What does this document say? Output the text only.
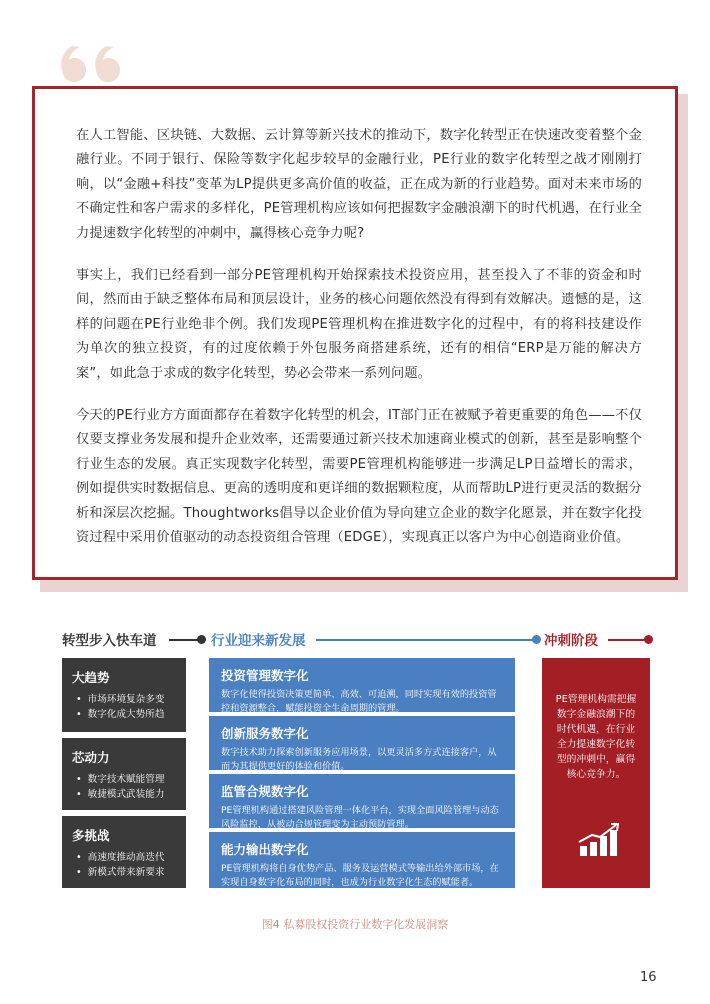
在人工智能、区块链、大数据、云计算等新兴技术的推动下，数字化转型正在快速改变着整个金融行业。不同于银行、保险等数字化起步较早的金融行业，PE行业的数字化转型之战才刚刚打响，以“金融+科技”变革为LP提供更多高价值的收益，正在成为新的行业趋势。面对未来市场的不确定性和客户需求的多样化，PE管理机构应该如何把握数字金融浪潮下的时代机遇，在行业全力提速数字化转型的冲刺中，赢得核心竞争力呢?

事实上，我们已经看到一部分PE管理机构开始探索技术投资应用，甚至投入了不菲的资金和时间，然而由于缺乏整体布局和顶层设计，业务的核心问题依然没有得到有效解决。遗憾的是，这样的问题在PE行业绝非个例。我们发现PE管理机构在推进数字化的过程中，有的将科技建设作为单次的独立投资，有的过度依赖于外包服务商搭建系统，还有的相信“ERP是万能的解决方案”，如此急于求成的数字化转型，势必会带来一系列问题。

今天的PE行业方方面面都存在着数字化转型的机会，IT部门正在被赋予着更重要的角色——不仅仅要支撑业务发展和提升企业效率，还需要通过新兴技术加速商业模式的创新，甚至是影响整个行业生态的发展。真正实现数字化转型，需要PE管理机构能够进一步满足LP日益增长的需求，例如提供实时数据信息、更高的透明度和更详细的数据颗粒度，从而帮助LP进行更灵活的数据分析和深层次挖掘。Thoughtworks倡导以企业价值为导向建立企业的数字化愿景，并在数字化投资过程中采用价值驱动的动态投资组合管理（EDGE），实现真正以客户为中心创造商业价值。

转型步入快车道	行业迎来新发展	冲刺阶段
大趋势
• 市场环境复杂多变
• 数字化成大势所趋
芯动力
• 数字技术赋能管理
• 敏捷模式武装能力
多挑战
• 高速度推动高迭代
• 新模式带来新要求
投资管理数字化
数字化使得投资决策更简单、高效、可追溯，同时实现有效的投资管控和资源整合，赋能投资全生命周期的管理。
创新服务数字化
数字技术助力探索创新服务应用场景，以更灵活多方式连接客户，从而为其提供更好的体验和价值。
监管合规数字化
PE管理机构通过搭建风险管理一体化平台，实现全面风险管理与动态风险监控，从被动合规管理变为主动预防管理。
能力输出数字化
PE管理机构将自身优势产品、服务及运营模式等输出给外部市场，在实现自身数字化布局的同时，也成为行业数字化生态的赋能者。
PE管理机构需把握数字金融浪潮下的时代机遇，在行业全力提速数字化转型的冲刺中，赢得核心竞争力。
图4 私募股权投资行业数字化发展洞察
16
